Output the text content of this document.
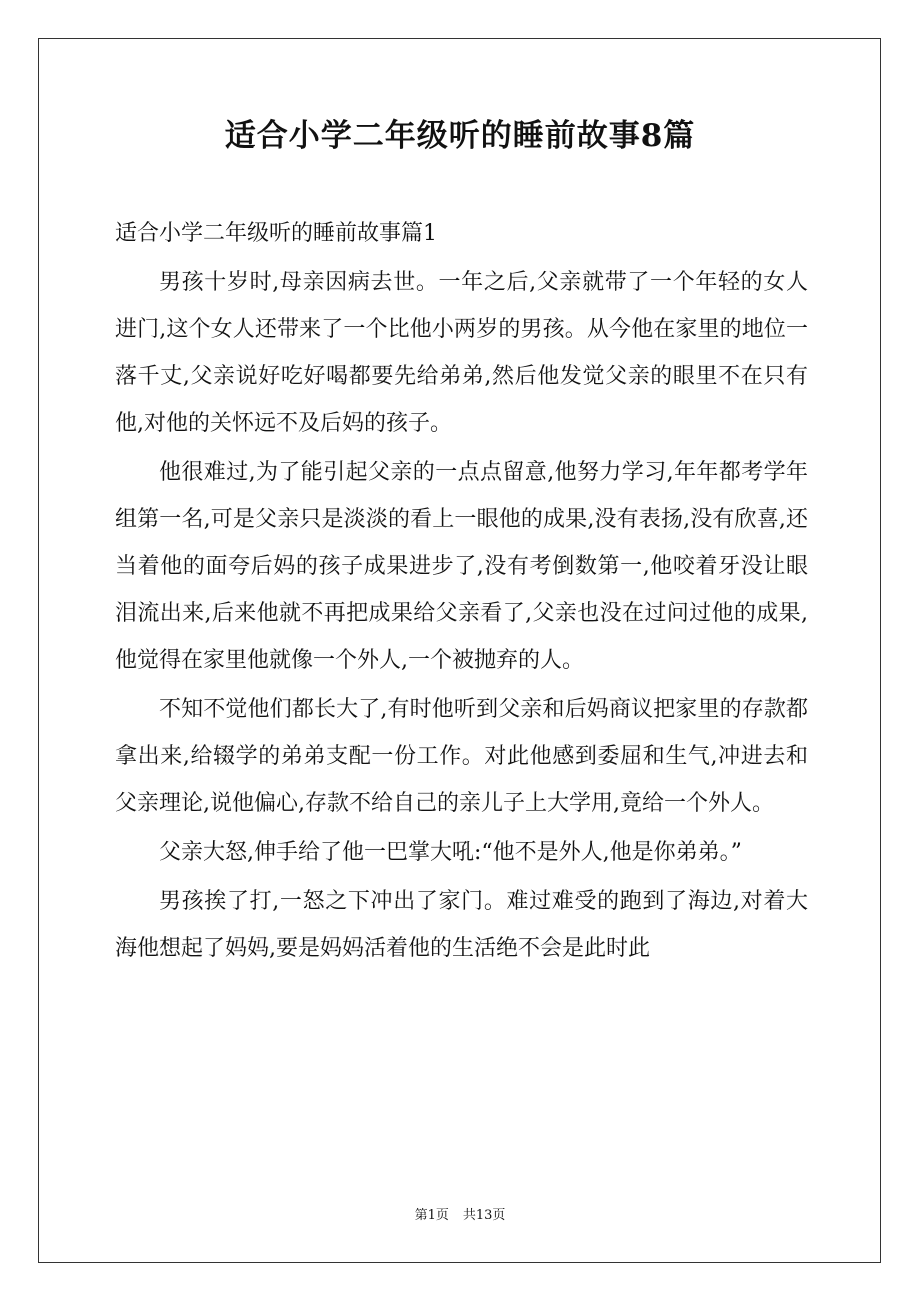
适合小学二年级听的睡前故事8篇

适合小学二年级听的睡前故事篇1

男孩十岁时,母亲因病去世。一年之后,父亲就带了一个年轻的女人进门,这个女人还带来了一个比他小两岁的男孩。从今他在家里的地位一落千丈,父亲说好吃好喝都要先给弟弟,然后他发觉父亲的眼里不在只有他,对他的关怀远不及后妈的孩子。

他很难过,为了能引起父亲的一点点留意,他努力学习,年年都考学年组第一名,可是父亲只是淡淡的看上一眼他的成果,没有表扬,没有欣喜,还当着他的面夸后妈的孩子成果进步了,没有考倒数第一,他咬着牙没让眼泪流出来,后来他就不再把成果给父亲看了,父亲也没在过问过他的成果,他觉得在家里他就像一个外人,一个被抛弃的人。

不知不觉他们都长大了,有时他听到父亲和后妈商议把家里的存款都拿出来,给辍学的弟弟支配一份工作。对此他感到委屈和生气,冲进去和父亲理论,说他偏心,存款不给自己的亲儿子上大学用,竟给一个外人。

父亲大怒,伸手给了他一巴掌大吼:“他不是外人,他是你弟弟。”

男孩挨了打,一怒之下冲出了家门。难过难受的跑到了海边,对着大海他想起了妈妈,要是妈妈活着他的生活绝不会是此时此

第1页 共13页
